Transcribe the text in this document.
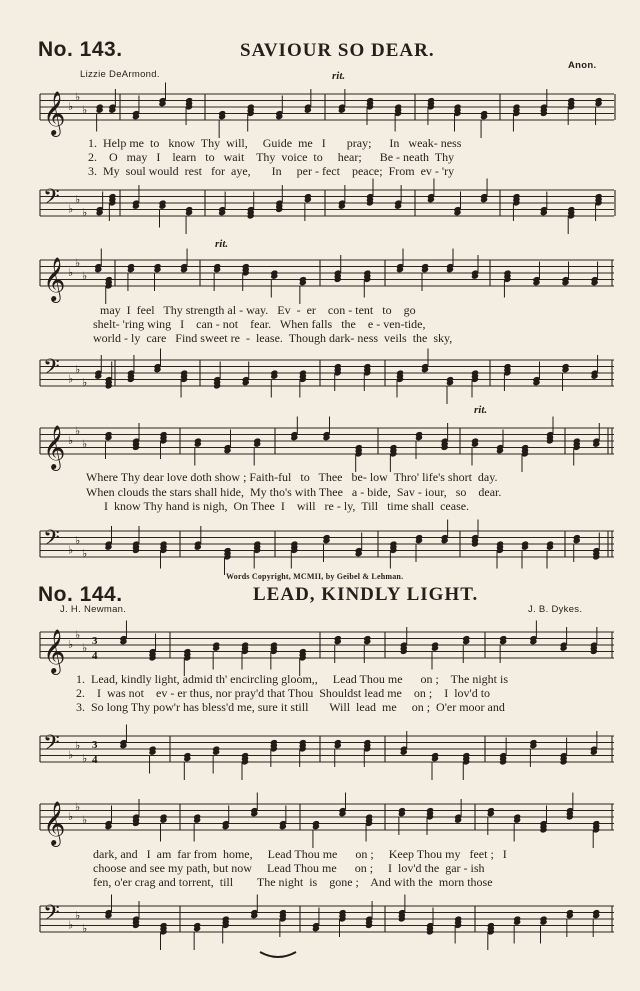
No. 143.	SAVIOUR SO DEAR.
Lizzie DeArmond.
Anon.
rit.
rit.
rit.
𝄞 ♭
♭
♭
1.  Help me  to   know  Thy  will,     Guide  me   I       pray;      In   weak- ness
2.    O   may   I    learn   to   wait    Thy  voice  to     hear;      Be - neath  Thy
3.  My  soul would  rest   for  aye,       In     per - fect    peace;  From  ev - 'ry
𝄢 ♭
♭
♭
𝄞 ♭
♭
♭
may  I  feel   Thy strength al - way.   Ev  -  er    con - tent   to    go
shelt- 'ring wing   I    can - not    fear.   When falls   the    e - ven-tide,
world - ly  care   Find sweet re  -  lease.  Though dark- ness  veils  the  sky,
𝄢 ♭
♭
♭
𝄞 ♭
♭
♭
Where Thy dear love doth show ; Faith-ful   to   Thee   be- low  Thro' life's short  day.
When clouds the stars shall hide,  My tho's with Thee   a - bide,  Sav - iour,   so    dear.
I  know Thy hand is nigh,  On Thee  I    will   re - ly,  Till   time shall  cease.
𝄢 ♭
♭
♭
Words Copyright, MCMII, by Geibel & Lehman.
No. 144.	LEAD, KINDLY LIGHT.
J. H. Newman.	J. B. Dykes.
𝄞 ♭
♭
♭
3
4
1.  Lead, kindly light, admid th' encircling gloom,,     Lead Thou me      on ;    The night is
2.    I  was not    ev - er thus, nor pray'd that Thou  Shouldst lead me    on ;    I  lov'd to
3.  So long Thy pow'r has bless'd me, sure it still       Will  lead  me     on ;  O'er moor and
𝄢 ♭
♭
♭
3
4
𝄞 ♭
♭
♭
dark, and   I  am  far from  home,     Lead Thou me      on ;     Keep Thou my   feet ;   I
choose and see my path, but now     Lead Thou me      on ;     I  lov'd the  gar - ish
fen, o'er crag and torrent,  till        The night  is    gone ;    And with the  morn those
𝄢 ♭
♭
♭
